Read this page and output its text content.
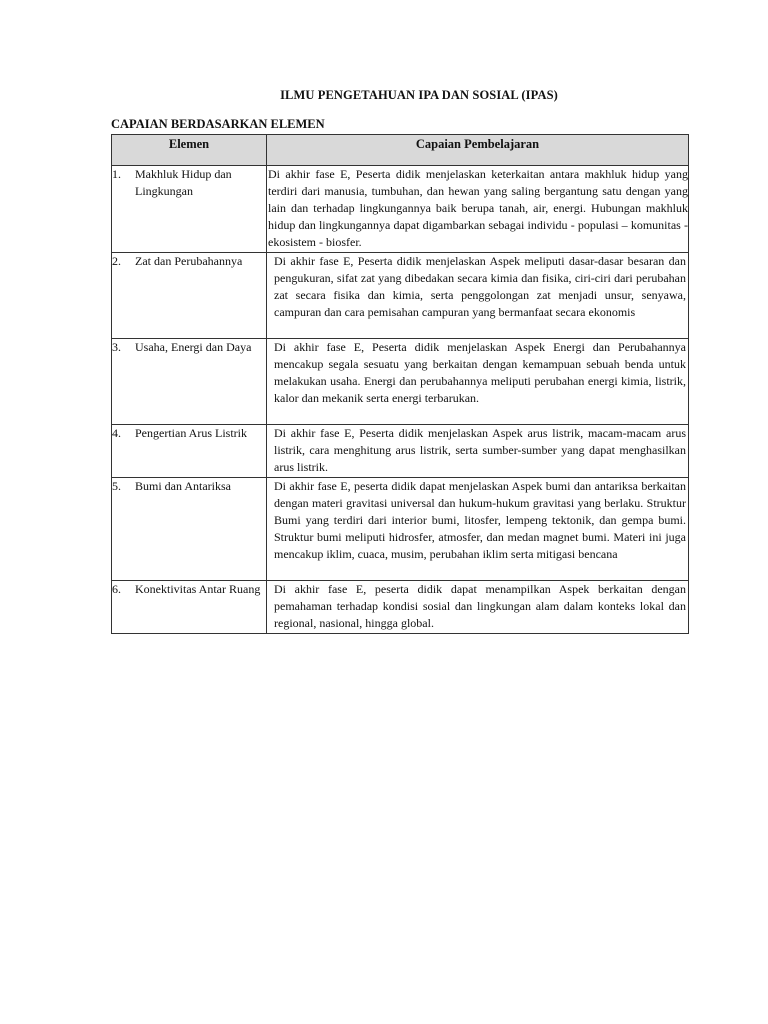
ILMU PENGETAHUAN IPA DAN SOSIAL (IPAS)
CAPAIAN BERDASARKAN ELEMEN
Elemen	Capaian Pembelajaran

1. Makhluk Hidup dan Lingkungan	Di akhir fase E, Peserta didik menjelaskan keterkaitan antara makhluk hidup yang terdiri dari manusia, tumbuhan, dan hewan yang saling bergantung satu dengan yang lain dan terhadap lingkungannya baik berupa tanah, air, energi. Hubungan makhluk hidup dan lingkungannya dapat digambarkan sebagai individu - populasi – komunitas - ekosistem - biosfer.

2. Zat dan Perubahannya	Di akhir fase E, Peserta didik menjelaskan Aspek meliputi dasar-dasar besaran dan pengukuran, sifat zat yang dibedakan secara kimia dan fisika, ciri-ciri dari perubahan zat secara fisika dan kimia, serta penggolongan zat menjadi unsur, senyawa, campuran dan cara pemisahan campuran yang bermanfaat secara ekonomis

3. Usaha, Energi dan Daya	Di akhir fase E, Peserta didik menjelaskan Aspek Energi dan Perubahannya mencakup segala sesuatu yang berkaitan dengan kemampuan sebuah benda untuk melakukan usaha. Energi dan perubahannya meliputi perubahan energi kimia, listrik, kalor dan mekanik serta energi terbarukan.

4. Pengertian Arus Listrik	Di akhir fase E, Peserta didik menjelaskan Aspek arus listrik, macam-macam arus listrik, cara menghitung arus listrik, serta sumber-sumber yang dapat menghasilkan arus listrik.

5. Bumi dan Antariksa	Di akhir fase E, peserta didik dapat menjelaskan Aspek bumi dan antariksa berkaitan dengan materi gravitasi universal dan hukum-hukum gravitasi yang berlaku. Struktur Bumi yang terdiri dari interior bumi, litosfer, lempeng tektonik, dan gempa bumi. Struktur bumi meliputi hidrosfer, atmosfer, dan medan magnet bumi. Materi ini juga mencakup iklim, cuaca, musim, perubahan iklim serta mitigasi bencana

6. Konektivitas Antar Ruang	Di akhir fase E, peserta didik dapat menampilkan Aspek berkaitan dengan pemahaman terhadap kondisi sosial dan lingkungan alam dalam konteks lokal dan regional, nasional, hingga global.
